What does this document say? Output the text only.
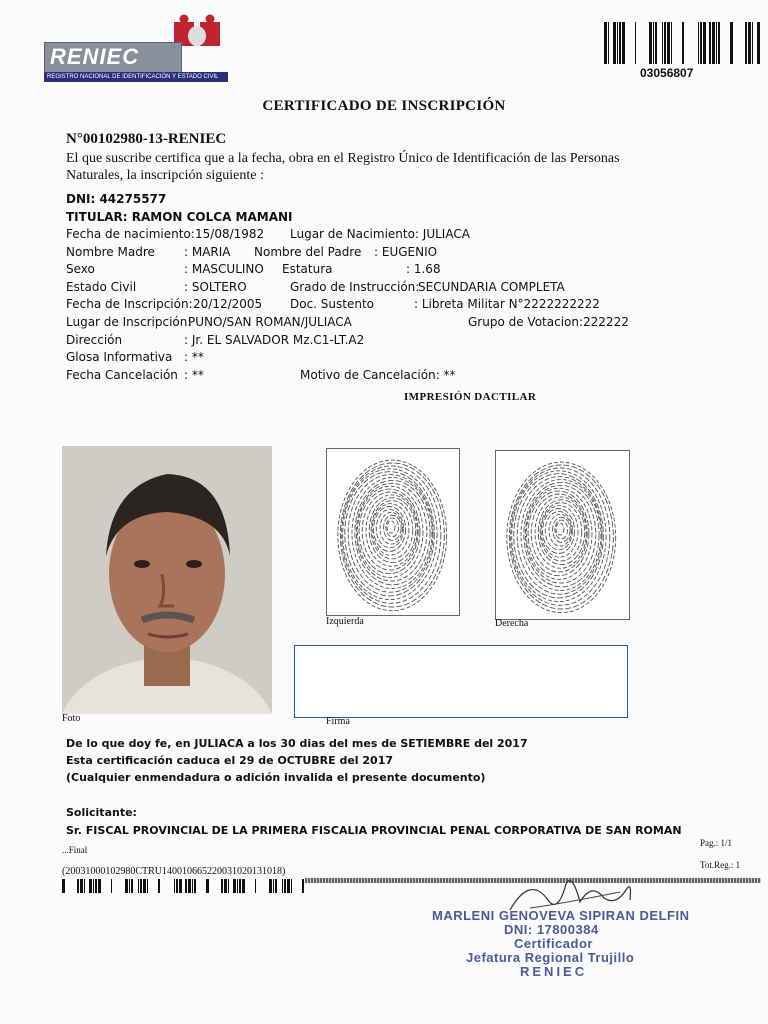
RENIEC
REGISTRO NACIONAL DE IDENTIFICACIÓN Y ESTADO CIVIL	03056807
CERTIFICADO DE INSCRIPCIÓN
N°00102980-13-RENIEC
El que suscribe certifica que a la fecha, obra en el Registro Único de Identificación de las Personas Naturales, la inscripción siguiente :
DNI: 44275577
TITULAR: RAMON COLCA MAMANI
Fecha de nacimiento: 15/08/1982 Lugar de Nacimiento: JULIACA
Nombre Madre : MARIA Nombre del Padre : EUGENIO
Sexo	: MASCULINO Estatura	: 1.68
Estado Civil	: SOLTERO	Grado de Instrucción:
SECUNDARIA COMPLETA
Fecha de Inscripción: 20/12/2005 Doc. Sustento	: Libreta Militar N°2222222222
Lugar de Inscripción:
PUNO/SAN ROMAN/JULIACA	Grupo de Votacion:222222
Dirección	: Jr. EL SALVADOR Mz.C1-LT.A2
Glosa Informativa : **
Fecha Cancelación : **	Motivo de Cancelación: **
IMPRESIÓN DACTILAR
Foto
Izquierda	Derecha
Firma
De lo que doy fe, en JULIACA a los 30 dias del mes de SETIEMBRE del 2017
Esta certificación caduca el 29 de OCTUBRE del 2017
(Cualquier enmendadura o adición invalida el presente documento)
Solicitante:
Sr. FISCAL PROVINCIAL DE LA PRIMERA FISCALIA PROVINCIAL PENAL CORPORATIVA DE SAN ROMAN
...Final
Pag.: 1/1
Tot.Reg.: 1
(20031000102980CTRU140010665220031020131018)
MARLENI GENOVEVA SIPIRAN DELFIN
DNI: 17800384
Certificador
Jefatura Regional Trujillo
RENIEC
